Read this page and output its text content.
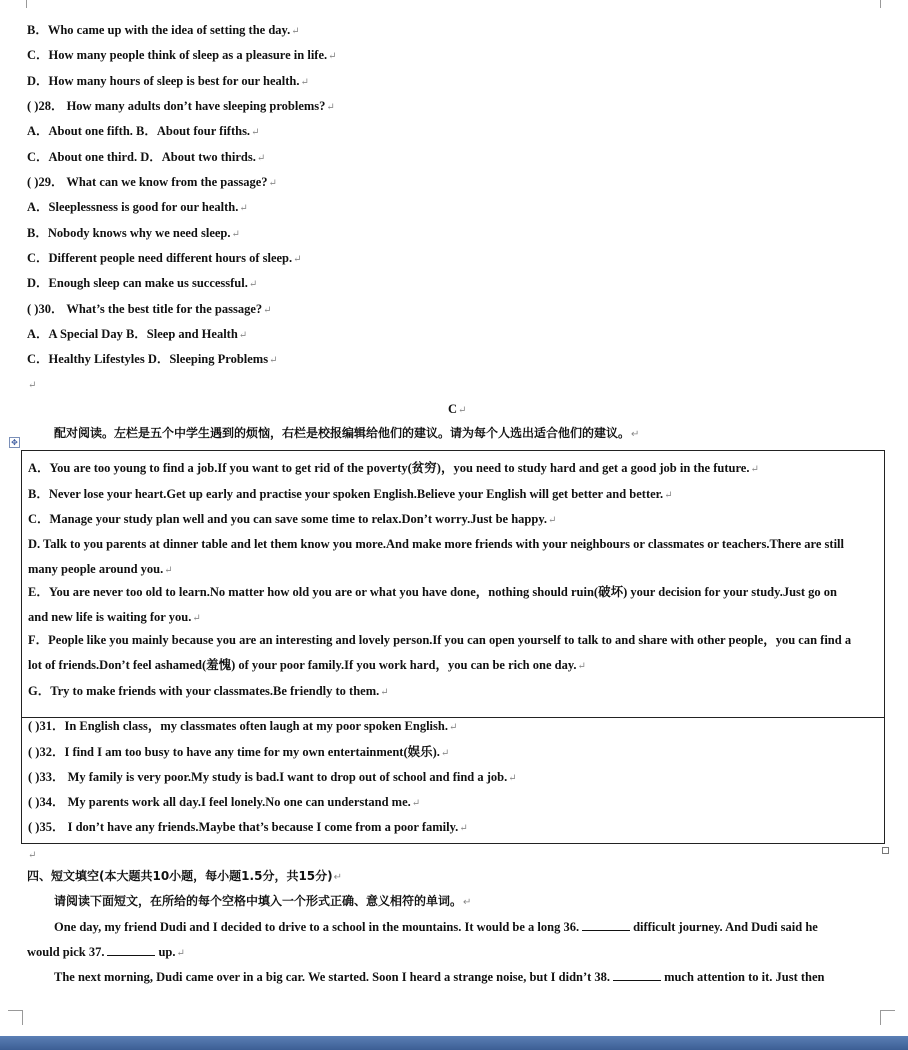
B．Who came up with the idea of setting the day.↵
C．How many people think of sleep as a pleasure in life.↵
D．How many hours of sleep is best for our health.↵
( )28． How many adults don’t have sleeping problems?↵
A．About one fifth. B．About four fifths.↵
C．About one third. D．About two thirds.↵
( )29． What can we know from the passage?↵
A．Sleeplessness is good for our health.↵
B．Nobody knows why we need sleep.↵
C．Different people need different hours of sleep.↵
D．Enough sleep can make us successful.↵
( )30． What’s the best title for the passage?↵
A．A Special Day B．Sleep and Health↵
C．Healthy Lifestyles D．Sleeping Problems↵
↵
C↵
✥
配对阅读。左栏是五个中学生遇到的烦恼，右栏是校报编辑给他们的建议。请为每个人选出适合他们的建议。↵
A．You are too young to find a job.If you want to get rid of the poverty(贫穷)，you need to study hard and get a good job in the future.↵
B．Never lose your heart.Get up early and practise your spoken English.Believe your English will get better and better.↵
C．Manage your study plan well and you can save some time to relax.Don’t worry.Just be happy.↵
D. Talk to you parents at dinner table and let them know you more.And make more friends with your neighbours or classmates or teachers.There are still
many people around you.↵
E．You are never too old to learn.No matter how old you are or what you have done，nothing should ruin(破坏) your decision for your study.Just go on
and new life is waiting for you.↵
F．People like you mainly because you are an interesting and lovely person.If you can open yourself to talk to and share with other people，you can find a
lot of friends.Don’t feel ashamed(羞愧) of your poor family.If you work hard，you can be rich one day.↵
G．Try to make friends with your classmates.Be friendly to them.↵
( )31．In English class，my classmates often laugh at my poor spoken English.↵
( )32．I find I am too busy to have any time for my own entertainment(娱乐).↵
( )33． My family is very poor.My study is bad.I want to drop out of school and find a job.↵
( )34． My parents work all day.I feel lonely.No one can understand me.↵
( )35． I don’t have any friends.Maybe that’s because I come from a poor family.↵
↵
四、短文填空(本大题共10小题，每小题1.5分，共15分)↵
请阅读下面短文，在所给的每个空格中填入一个形式正确、意义相符的单词。↵
One day, my friend Dudi and I decided to drive to a school in the mountains. It would be a long 36.	difficult journey. And Dudi said he
would pick 37.	up.↵
The next morning, Dudi came over in a big car. We started. Soon I heard a strange noise, but I didn’t 38.	much attention to it. Just then
